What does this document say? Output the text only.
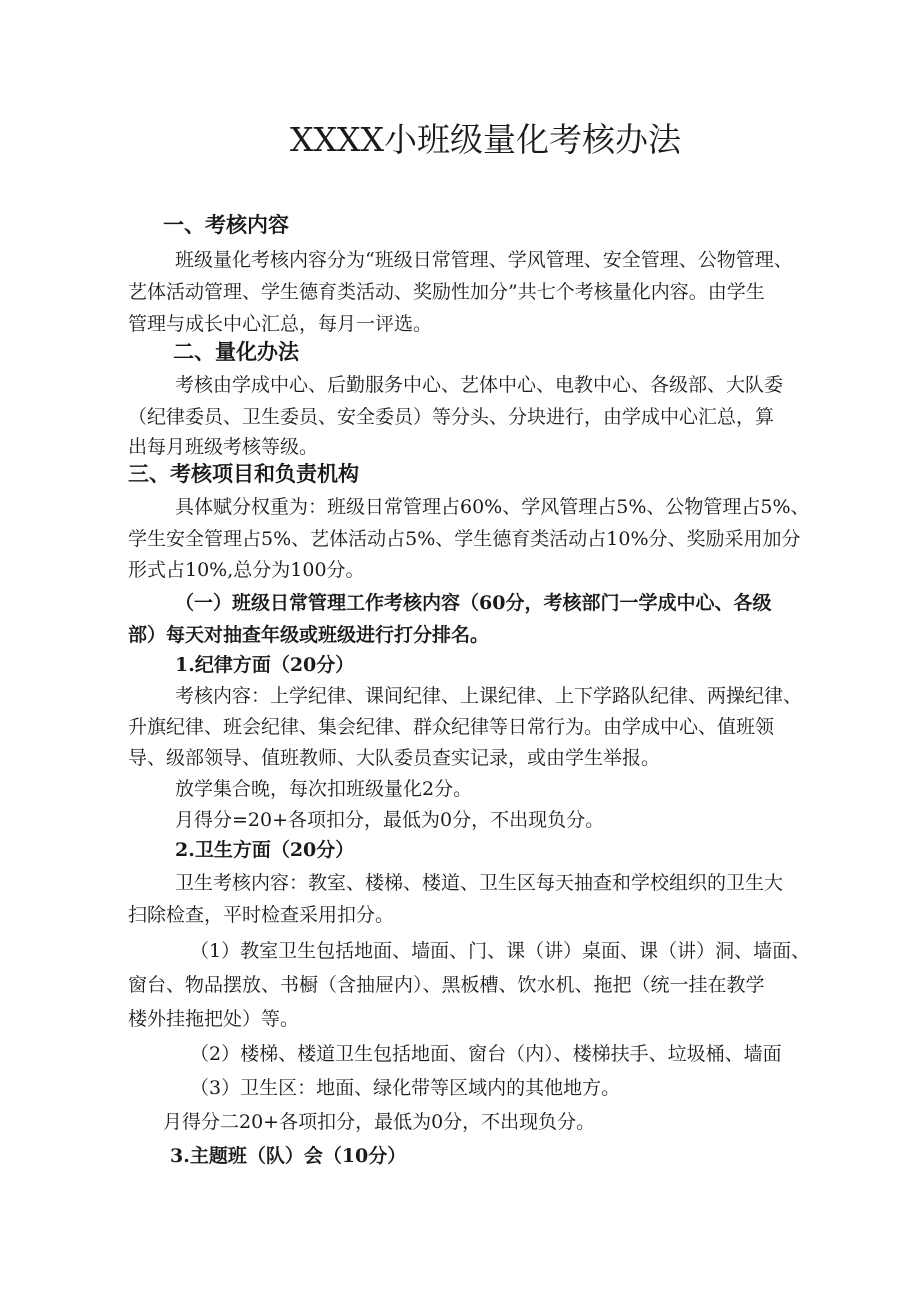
XXXX小班级量化考核办法
一、考核内容
班级量化考核内容分为“班级日常管理、学风管理、安全管理、公物管理、
艺体活动管理、学生德育类活动、奖励性加分”共七个考核量化内容。由学生
管理与成长中心汇总，每月一评选。
二、量化办法
考核由学成中心、后勤服务中心、艺体中心、电教中心、各级部、大队委
（纪律委员、卫生委员、安全委员）等分头、分块进行，由学成中心汇总，算
出每月班级考核等级。
三、考核项目和负责机构
具体赋分权重为：班级日常管理占60%、学风管理占5%、公物管理占5%、
学生安全管理占5%、艺体活动占5%、学生德育类活动占10%分、奖励采用加分
形式占10%,总分为100分。
（一）班级日常管理工作考核内容（60分，考核部门一学成中心、各级
部）每天对抽查年级或班级进行打分排名。
1.纪律方面（20分）
考核内容：上学纪律、课间纪律、上课纪律、上下学路队纪律、两操纪律、
升旗纪律、班会纪律、集会纪律、群众纪律等日常行为。由学成中心、值班领
导、级部领导、值班教师、大队委员查实记录，或由学生举报。
放学集合晚，每次扣班级量化2分。
月得分=20+各项扣分，最低为0分，不出现负分。
2.卫生方面（20分）
卫生考核内容：教室、楼梯、楼道、卫生区每天抽查和学校组织的卫生大
扫除检查，平时检查采用扣分。
（1）教室卫生包括地面、墙面、门、课（讲）桌面、课（讲）洞、墙面、
窗台、物品摆放、书橱（含抽屉内）、黑板槽、饮水机、拖把（统一挂在教学
楼外挂拖把处）等。
（2）楼梯、楼道卫生包括地面、窗台（内）、楼梯扶手、垃圾桶、墙面
（3）卫生区：地面、绿化带等区域内的其他地方。
月得分二20+各项扣分，最低为0分，不出现负分。
3.主题班（队）会（10分）
